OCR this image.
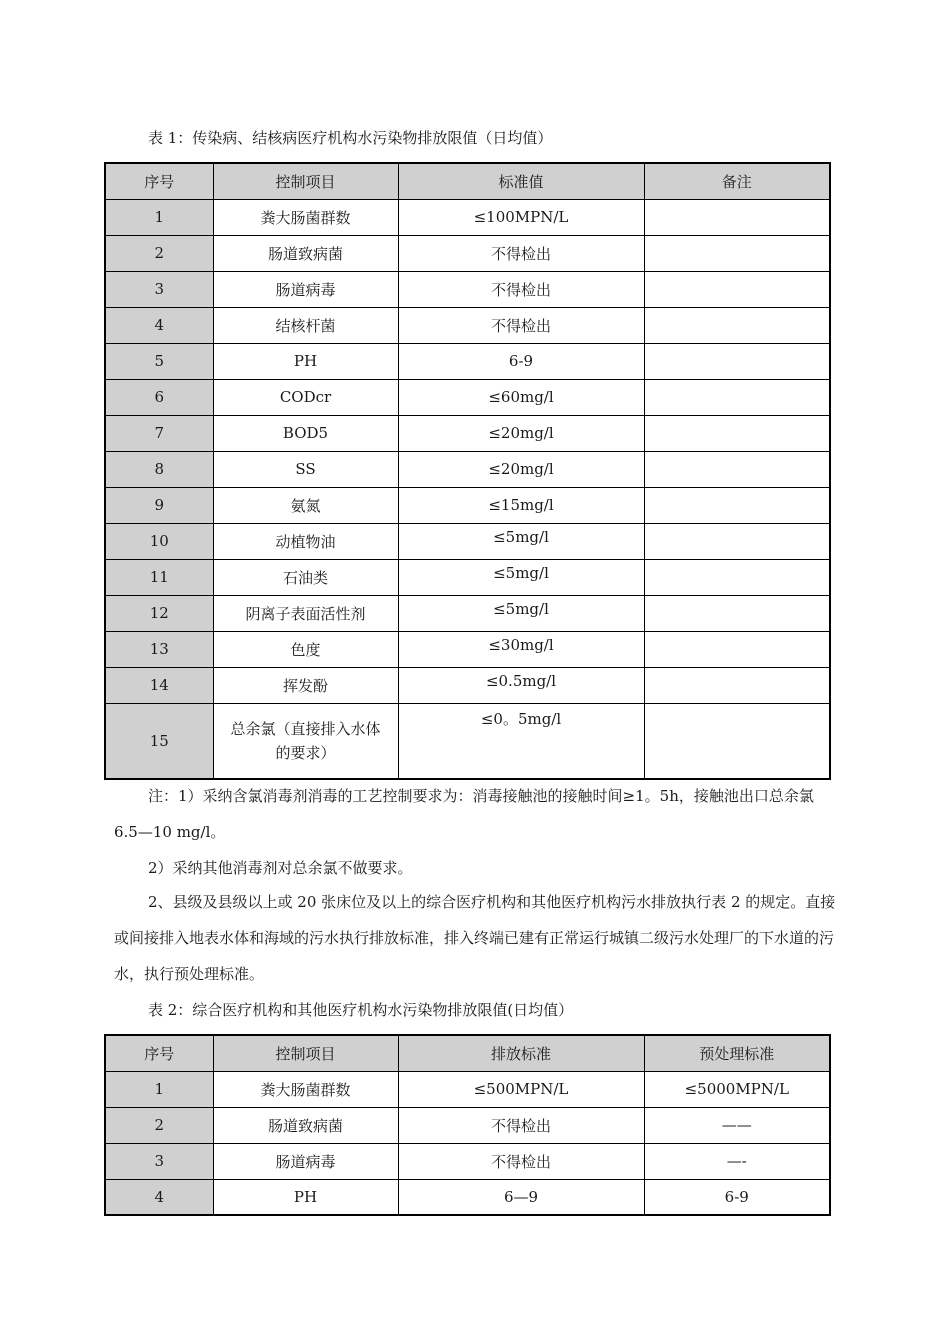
表 1：传染病、结核病医疗机构水污染物排放限值（日均值）
序号	控制项目	标准值	备注
1	粪大肠菌群数	≤100MPN/L	
2	肠道致病菌	不得检出	
3	肠道病毒	不得检出	
4	结核杆菌	不得检出	
5	PH	6-9	
6	CODcr	≤60mg/l	
7	BOD5	≤20mg/l	
8	SS	≤20mg/l	
9	氨氮	≤15mg/l	
10	动植物油	≤5mg/l	
11	石油类	≤5mg/l	
12	阴离子表面活性剂	≤5mg/l	
13	色度	≤30mg/l	
14	挥发酚	≤0.5mg/l	
15	总余氯（直接排入水体的要求）	≤0。5mg/l	
注：1）采纳含氯消毒剂消毒的工艺控制要求为：消毒接触池的接触时间≥1。5h，接触池出口总余氯 6.5—10 mg/l。
2）采纳其他消毒剂对总余氯不做要求。
2、县级及县级以上或 20 张床位及以上的综合医疗机构和其他医疗机构污水排放执行表 2 的规定。直接或间接排入地表水体和海域的污水执行排放标准，排入终端已建有正常运行城镇二级污水处理厂的下水道的污水，执行预处理标准。
表 2：综合医疗机构和其他医疗机构水污染物排放限值(日均值）
序号	控制项目	排放标准	预处理标准
1	粪大肠菌群数	≤500MPN/L	≤5000MPN/L
2	肠道致病菌	不得检出	——
3	肠道病毒	不得检出	—-
4	PH	6—9	6-9
